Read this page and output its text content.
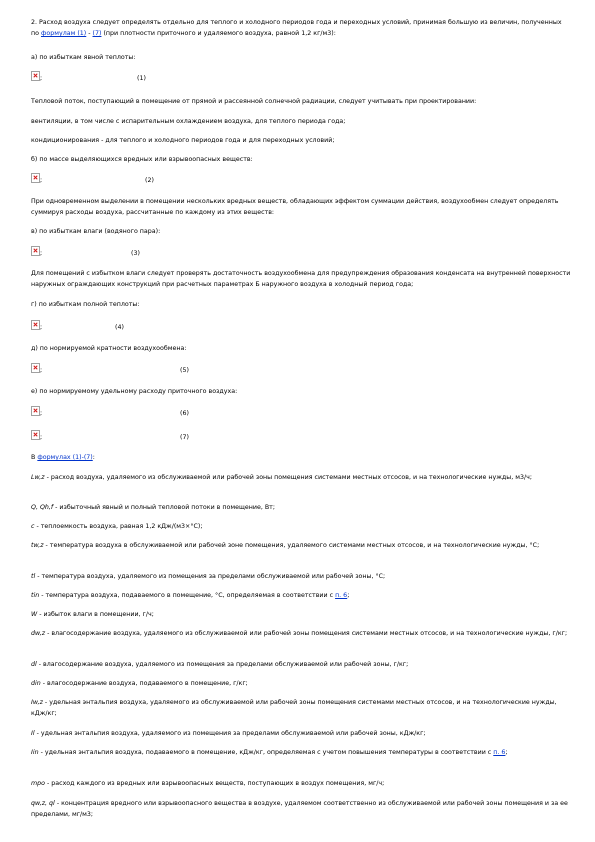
2. Расход воздуха следует определять отдельно для теплого и холодного периодов года и переходных условий, принимая большую из величин, полученных по формулам (1) - (7) (при плотности приточного и удаляемого воздуха, равной 1,2 кг/м3):
а) по избыткам явной теплоты:
;	(1)
Тепловой поток, поступающий в помещение от прямой и рассеянной солнечной радиации, следует учитывать при проектировании:
вентиляции, в том числе с испарительным охлаждением воздуха, для теплого периода года;
кондиционирования - для теплого и холодного периодов года и для переходных условий;
б) по массе выделяющихся вредных или взрывоопасных веществ:
;	(2)
При одновременном выделении в помещении нескольких вредных веществ, обладающих эффектом суммации действия, воздухообмен следует определять суммируя расходы воздуха, рассчитанные по каждому из этих веществ:
в) по избыткам влаги (водяного пара):
;	(3)
Для помещений с избытком влаги следует проверять достаточность воздухообмена для предупреждения образования конденсата на внутренней поверхности наружных ограждающих конструкций при расчетных параметрах Б наружного воздуха в холодный период года;
г) по избыткам полной теплоты:
;	(4)
д) по нормируемой кратности воздухообмена:
;	(5)
е) по нормируемому удельному расходу приточного воздуха:
;	(6)
;	(7)
В формулах (1)-(7):
Lw,z - расход воздуха, удаляемого из обслуживаемой или рабочей зоны помещения системами местных отсосов, и на технологические нужды, м3/ч;
Q, Qh,f - избыточный явный и полный тепловой потоки в помещение, Вт;
c - теплоемкость воздуха, равная 1,2 кДж/(м3×°С);
tw,z - температура воздуха в обслуживаемой или рабочей зоне помещения, удаляемого системами местных отсосов, и на технологические нужды, °С;
tl - температура воздуха, удаляемого из помещения за пределами обслуживаемой или рабочей зоны, °С;
tin - температура воздуха, подаваемого в помещение, °С, определяемая в соответствии с п. 6;
W - избыток влаги в помещении, г/ч;
dw,z - влагосодержание воздуха, удаляемого из обслуживаемой или рабочей зоны помещения системами местных отсосов, и на технологические нужды, г/кг;
dl - влагосодержание воздуха, удаляемого из помещения за пределами обслуживаемой или рабочей зоны, г/кг;
din - влагосодержание воздуха, подаваемого в помещение, г/кг;
Iw,z - удельная энтальпия воздуха, удаляемого из обслуживаемой или рабочей зоны помещения системами местных отсосов, и на технологические нужды, кДж/кг;
Il - удельная энтальпия воздуха, удаляемого из помещения за пределами обслуживаемой или рабочей зоны, кДж/кг;
Iin - удельная энтальпия воздуха, подаваемого в помещение, кДж/кг, определяемая с учетом повышения температуры в соответствии с п. 6;
mpo - расход каждого из вредных или взрывоопасных веществ, поступающих в воздух помещения, мг/ч;
qw,z, ql - концентрация вредного или взрывоопасного вещества в воздухе, удаляемом соответственно из обслуживаемой или рабочей зоны помещения и за ее пределами, мг/м3;
